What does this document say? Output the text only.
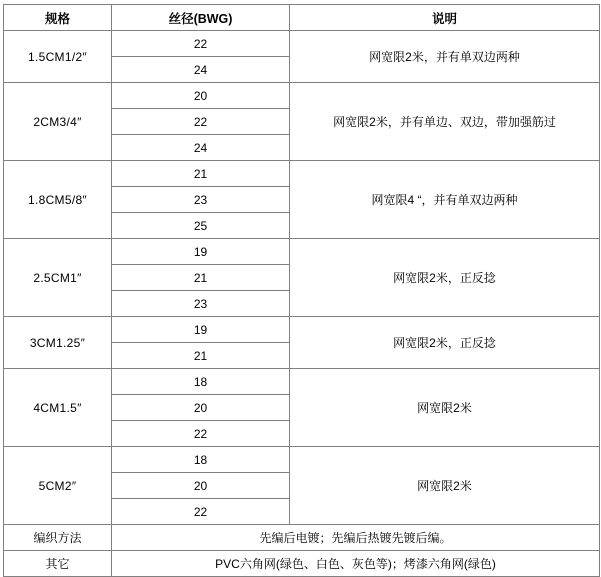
规格	丝径(BWG)	说明
1.5CM1/2″	22	网宽限2米，并有单双边两种
	24	
2CM3/4″	20	网宽限2米，并有单边、双边，带加强筋过
	22	
	24	
1.8CM5/8″	21	网宽限4 “，并有单双边两种
	23	
	25	
2.5CM1″	19	网宽限2米，正反捻
	21	
	23	
3CM1.25″	19	网宽限2米，正反捻
	21	
4CM1.5″	18	网宽限2米
	20	
	22	
5CM2″	18	网宽限2米
	20	
	22	
编织方法	先编后电镀；先编后热镀先镀后编。	
其它	PVC六角网(绿色、白色、灰色等)；烤漆六角网(绿色)	
